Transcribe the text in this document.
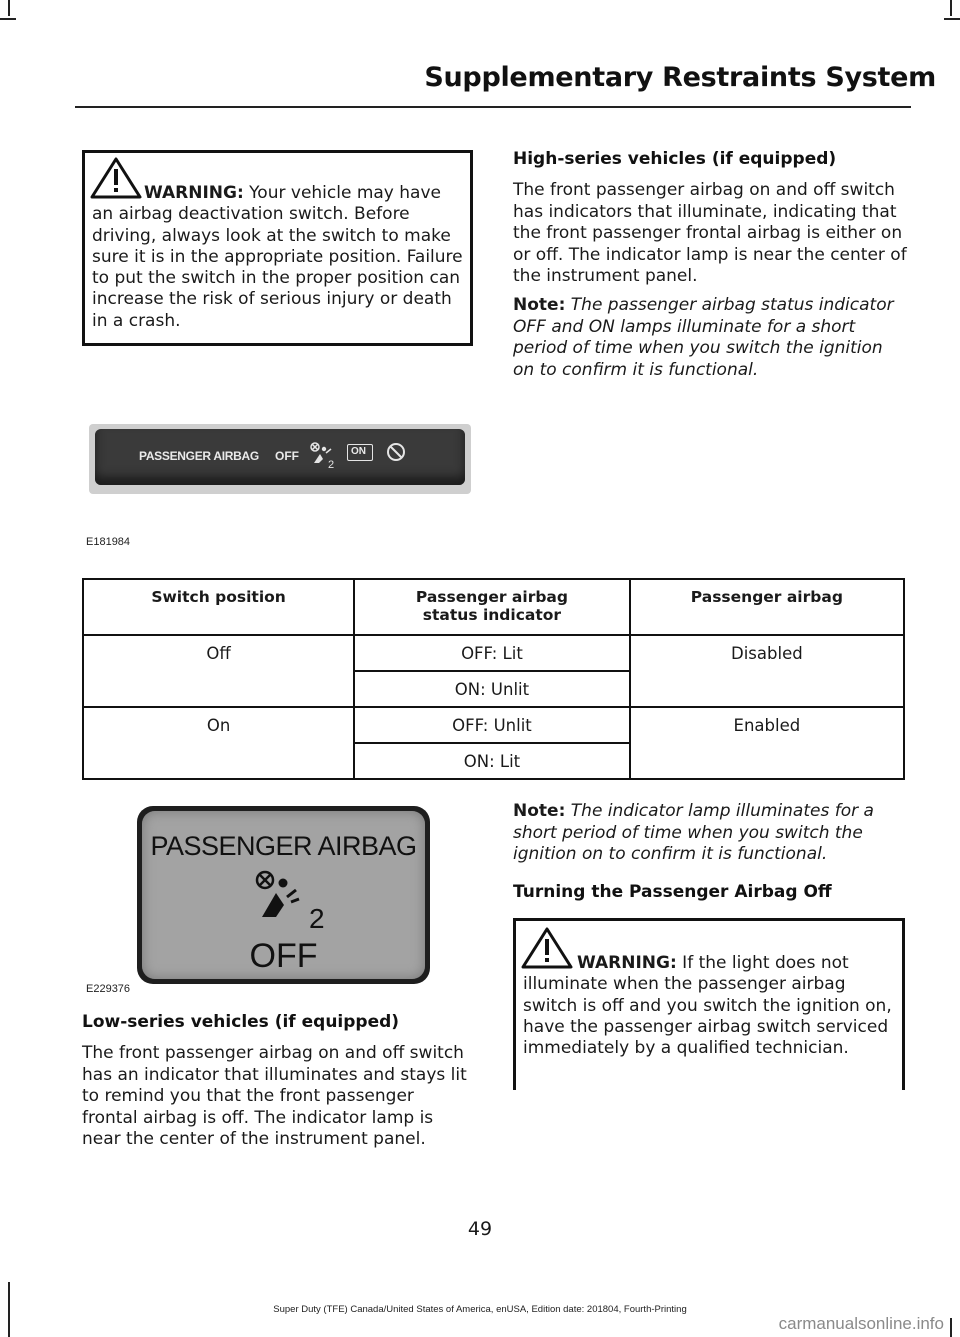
Supplementary Restraints System
WARNING: Your vehicle may have an airbag deactivation switch. Before driving, always look at the switch to make sure it is in the appropriate position. Failure to put the switch in the proper position can increase the risk of serious injury or death in a crash.
High-series vehicles (if equipped)
The front passenger airbag on and off switch has indicators that illuminate, indicating that the front passenger frontal airbag is either on or off. The indicator lamp is near the center of the instrument panel.
Note: The passenger airbag status indicator OFF and ON lamps illuminate for a short period of time when you switch the ignition on to confirm it is functional.
PASSENGER AIRBAG OFF
2
ON
E181984
Switch position	Passenger airbag status indicator	Passenger airbag
Off	OFF: Lit	Disabled
	ON: Unlit	
On	OFF: Unlit	Enabled
	ON: Lit	
PASSENGER AIRBAG
2
OFF
E229376
Low-series vehicles (if equipped)
The front passenger airbag on and off switch has an indicator that illuminates and stays lit to remind you that the front passenger frontal airbag is off. The indicator lamp is near the center of the instrument panel.
Note: The indicator lamp illuminates for a short period of time when you switch the ignition on to confirm it is functional.
Turning the Passenger Airbag Off
WARNING: If the light does not illuminate when the passenger airbag switch is off and you switch the ignition on, have the passenger airbag switch serviced immediately by a qualified technician.
49
Super Duty (TFE) Canada/United States of America, enUSA, Edition date: 201804, Fourth-Printing
carmanualsonline.info
